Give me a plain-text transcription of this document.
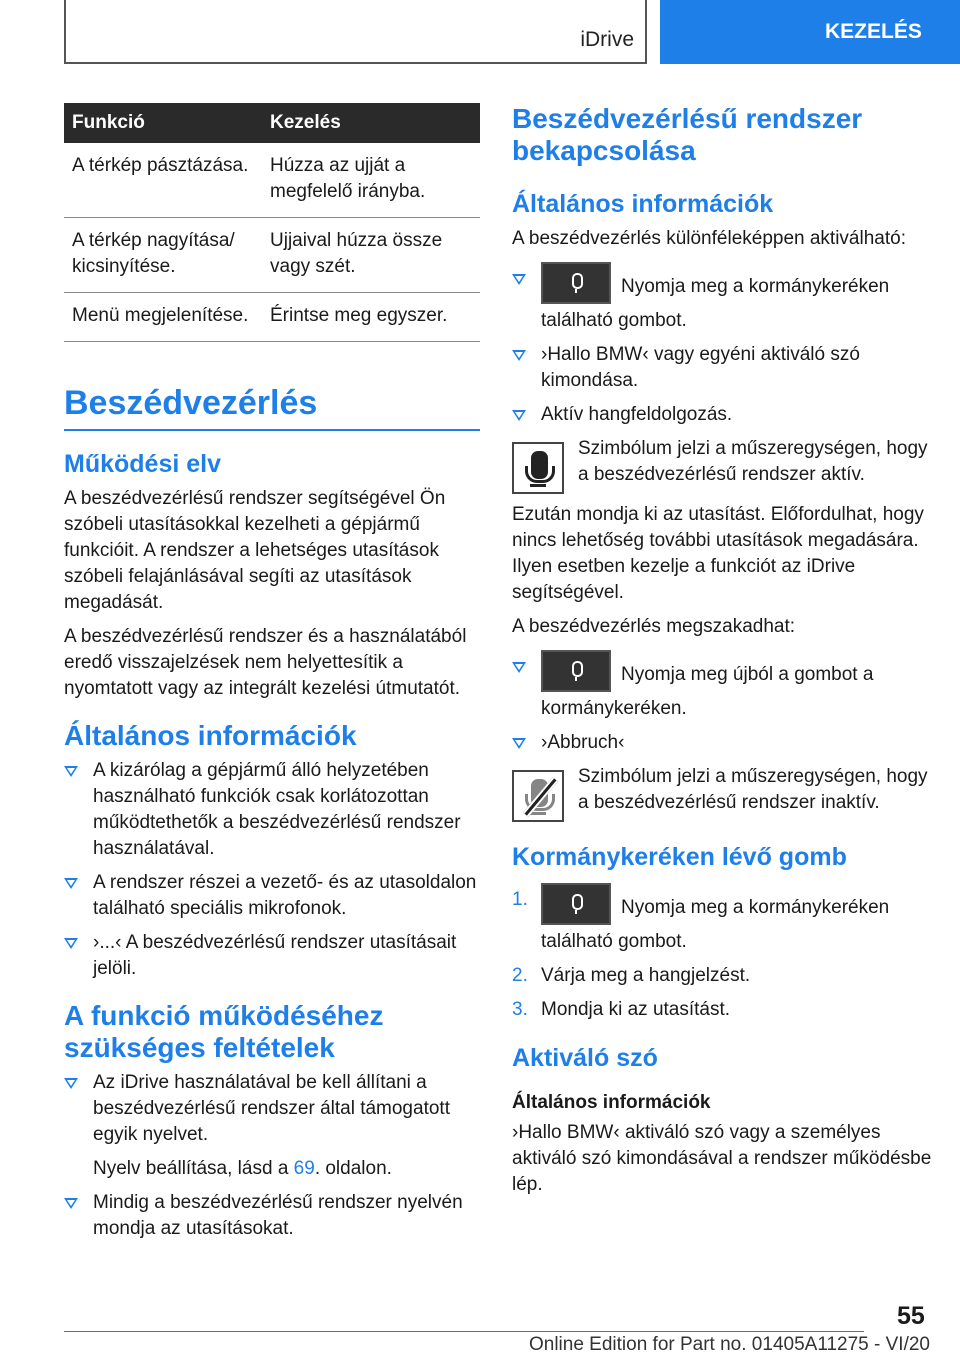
iDrive	KEZELÉS
Funkció	Kezelés
A térkép pásztázása.	Húzza az ujját a megfelelő irányba.
A térkép nagyítása/ kicsinyítése.	Ujjaival húzza össze vagy szét.
Menü megjelenítése.	Érintse meg egyszer.
Beszédvezérlés
Működési elv

A beszédvezérlésű rendszer segítségével Ön szóbeli utasításokkal kezelheti a gépjármű funkcióit. A rendszer a lehetséges utasítások szóbeli felajánlásával segíti az utasítások megadását.

A beszédvezérlésű rendszer és a használatából eredő visszajelzések nem helyettesítik a nyomtatott vagy az integrált kezelési útmutatót.

Általános információk
A kizárólag a gépjármű álló helyzetében használható funkciók csak korlátozottan működtethetők a beszédvezérlésű rendszer használatával.
A rendszer részei a vezető- és az utasoldalon található speciális mikrofonok.
›...‹ A beszédvezérlésű rendszer utasításait jelöli.
A funkció működéséhez szükséges feltételek
Az iDrive használatával be kell állítani a beszédvezérlésű rendszer által támogatott egyik nyelvet.
Nyelv beállítása, lásd a 69. oldalon.
Mindig a beszédvezérlésű rendszer nyelvén mondja az utasításokat.
Beszédvezérlésű rendszer bekapcsolása
Általános információk

A beszédvezérlés különféleképpen aktiválható:

Nyomja meg a kormánykeréken található gombot.
›Hallo BMW‹ vagy egyéni aktiváló szó kimondása.
Aktív hangfeldolgozás.

Szimbólum jelzi a műszeregységen, hogy a beszédvezérlésű rendszer aktív.

Ezután mondja ki az utasítást. Előfordulhat, hogy nincs lehetőség további utasítások megadására. Ilyen esetben kezelje a funkciót az iDrive segítségével.

A beszédvezérlés megszakadhat:

Nyomja meg újból a gombot a kormánykeréken.
›Abbruch‹

Szimbólum jelzi a műszeregységen, hogy a beszédvezérlésű rendszer inaktív.

Kormánykeréken lévő gomb
1.	Nyomja meg a kormánykeréken található gombot.
2. Várja meg a hangjelzést.
3. Mondja ki az utasítást.
Aktiváló szó
Általános információk

›Hallo BMW‹ aktiváló szó vagy a személyes aktiváló szó kimondásával a rendszer működésbe lép.

55
Online Edition for Part no. 01405A11275 - VI/20
